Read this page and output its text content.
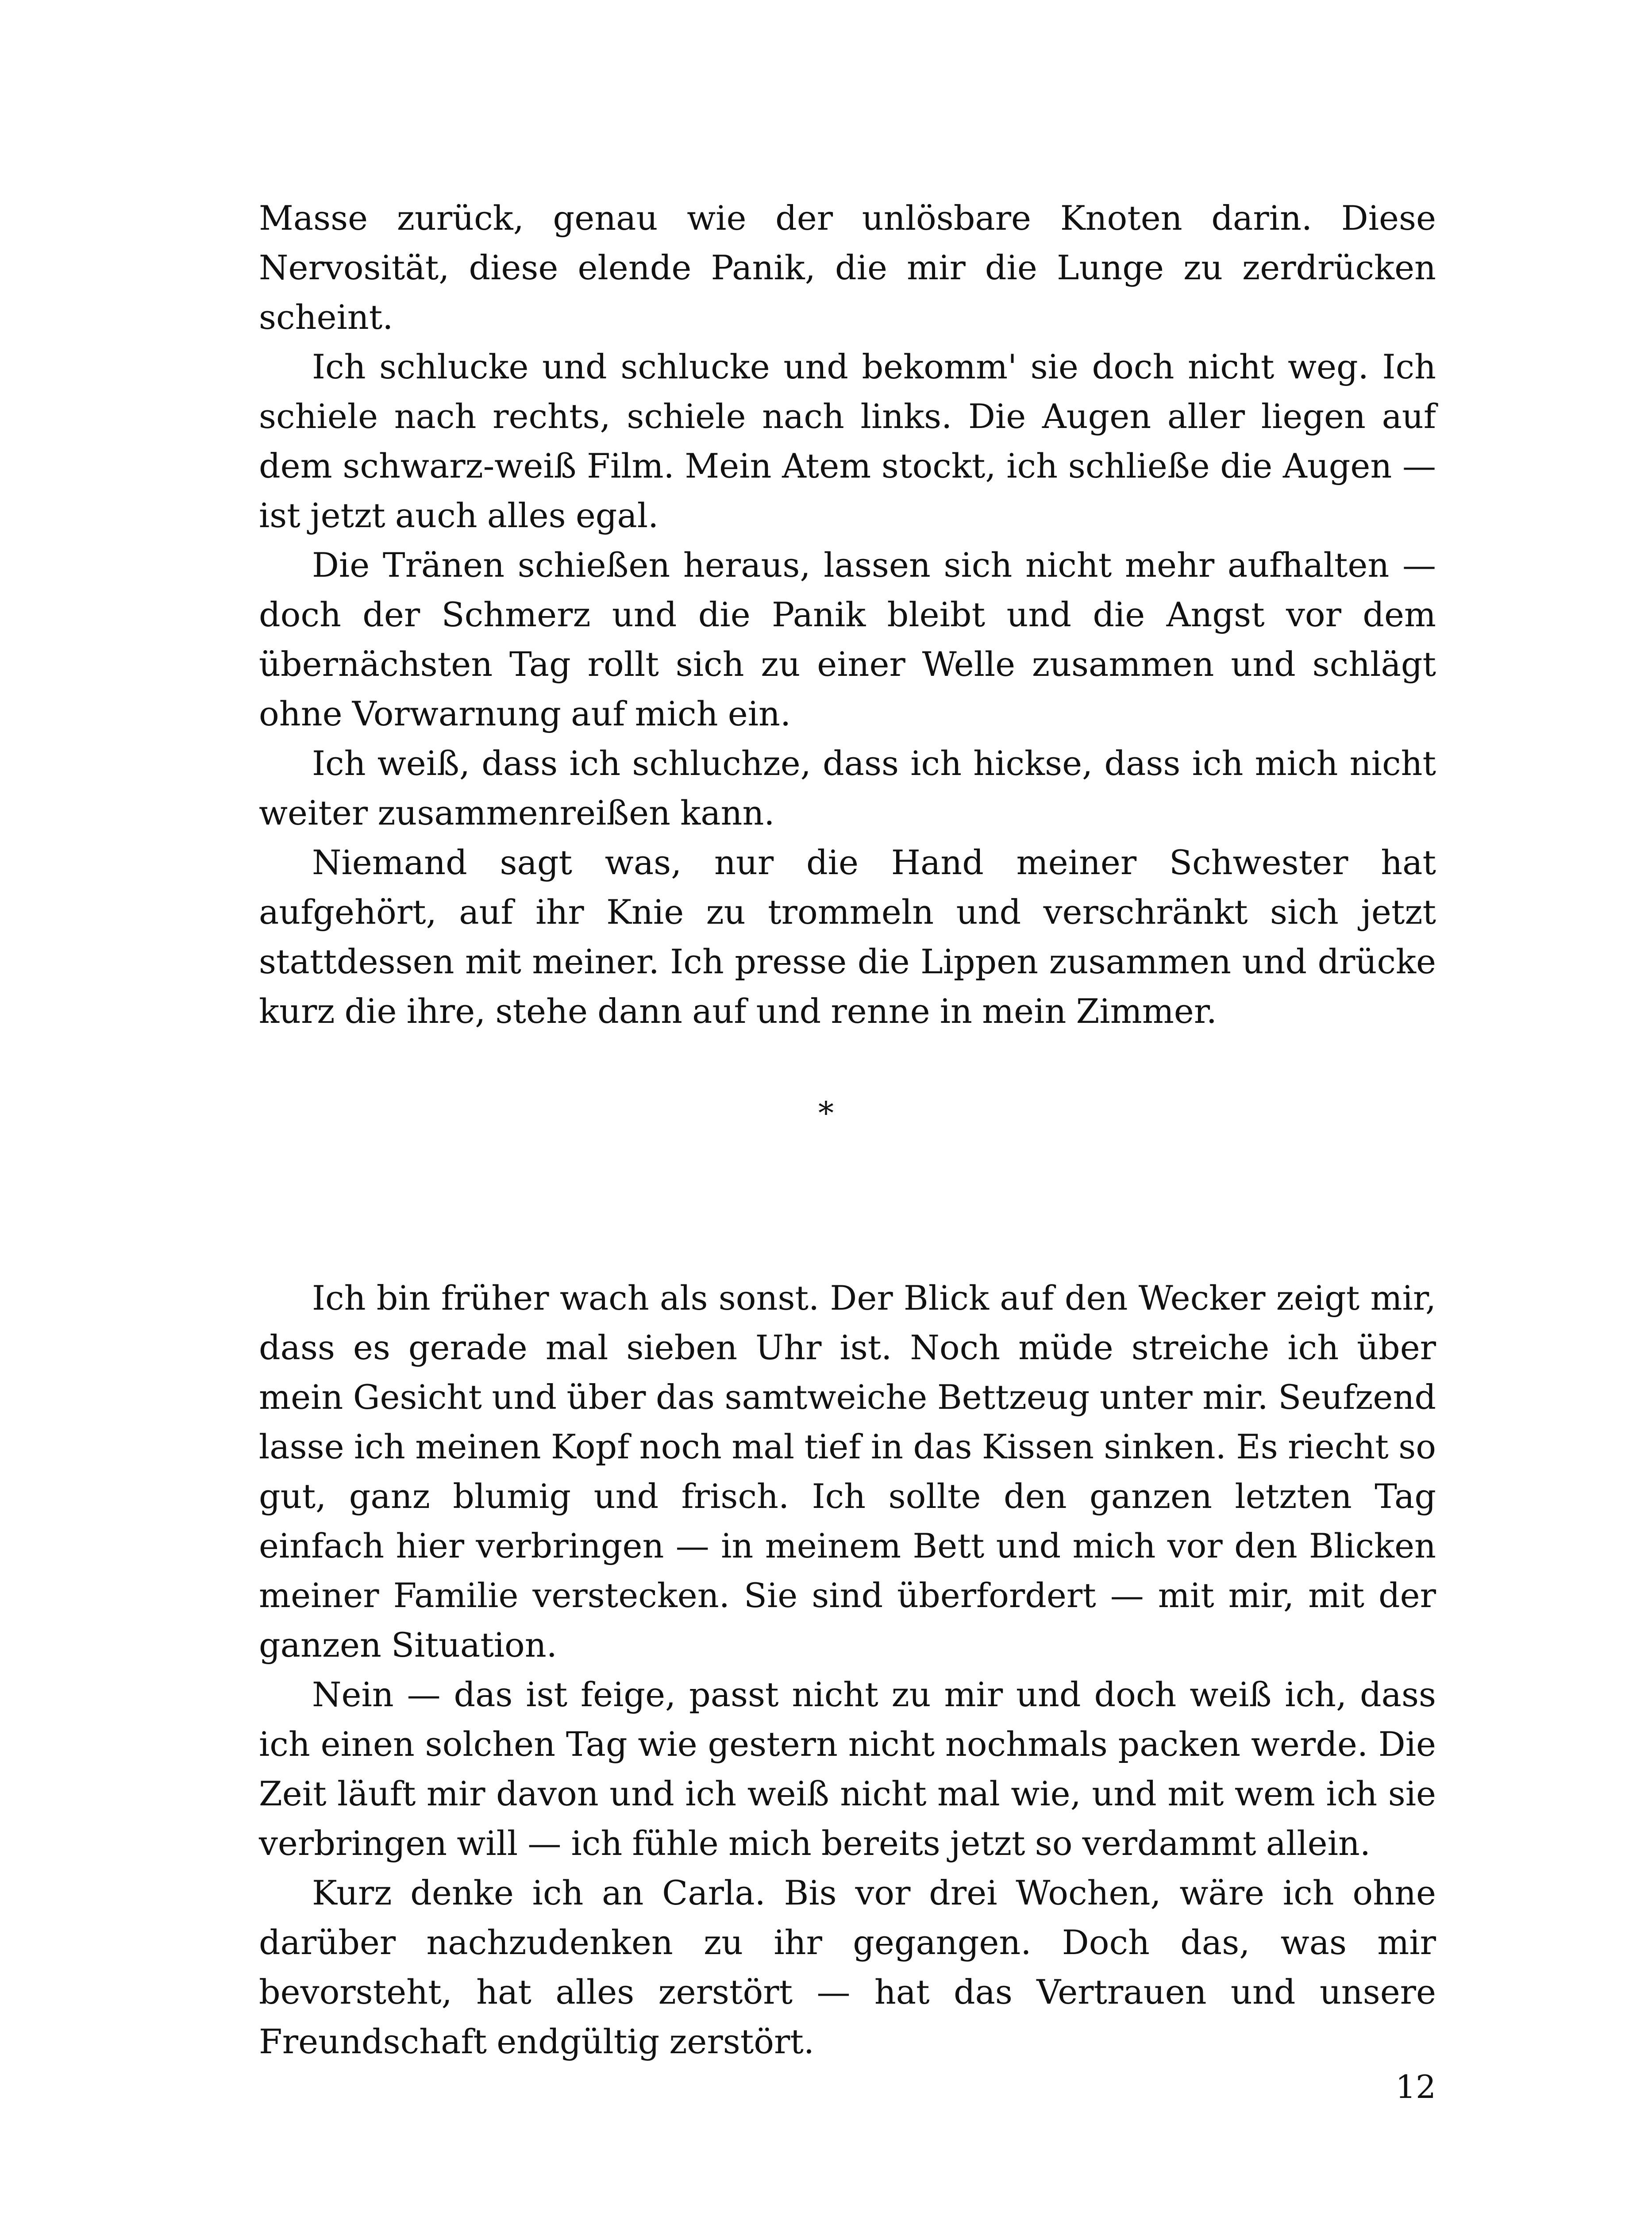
Masse zurück, genau wie der unlösbare Knoten darin. Diese Nervosität, diese elende Panik, die mir die Lunge zu zerdrücken scheint.

Ich schlucke und schlucke und bekomm' sie doch nicht weg. Ich schiele nach rechts, schiele nach links. Die Augen aller liegen auf dem schwarz-weiß Film. Mein Atem stockt, ich schließe die Augen — ist jetzt auch alles egal.

Die Tränen schießen heraus, lassen sich nicht mehr aufhalten — doch der Schmerz und die Panik bleibt und die Angst vor dem übernächsten Tag rollt sich zu einer Welle zusammen und schlägt ohne Vorwarnung auf mich ein.

Ich weiß, dass ich schluchze, dass ich hickse, dass ich mich nicht weiter zusammenreißen kann.

Niemand sagt was, nur die Hand meiner Schwester hat aufgehört, auf ihr Knie zu trommeln und verschränkt sich jetzt stattdessen mit meiner. Ich presse die Lippen zusammen und drücke kurz die ihre, stehe dann auf und renne in mein Zimmer.

*

Ich bin früher wach als sonst. Der Blick auf den Wecker zeigt mir, dass es gerade mal sieben Uhr ist. Noch müde streiche ich über mein Gesicht und über das samtweiche Bettzeug unter mir. Seufzend lasse ich meinen Kopf noch mal tief in das Kissen sinken. Es riecht so gut, ganz blumig und frisch. Ich sollte den ganzen letzten Tag einfach hier verbringen — in meinem Bett und mich vor den Blicken meiner Familie verstecken. Sie sind überfordert — mit mir, mit der ganzen Situation.

Nein — das ist feige, passt nicht zu mir und doch weiß ich, dass ich einen solchen Tag wie gestern nicht nochmals packen werde. Die Zeit läuft mir davon und ich weiß nicht mal wie, und mit wem ich sie verbringen will — ich fühle mich bereits jetzt so verdammt allein.

Kurz denke ich an Carla. Bis vor drei Wochen, wäre ich ohne darüber nachzudenken zu ihr gegangen. Doch das, was mir bevorsteht, hat alles zerstört — hat das Vertrauen und unsere Freundschaft endgültig zerstört.

12
